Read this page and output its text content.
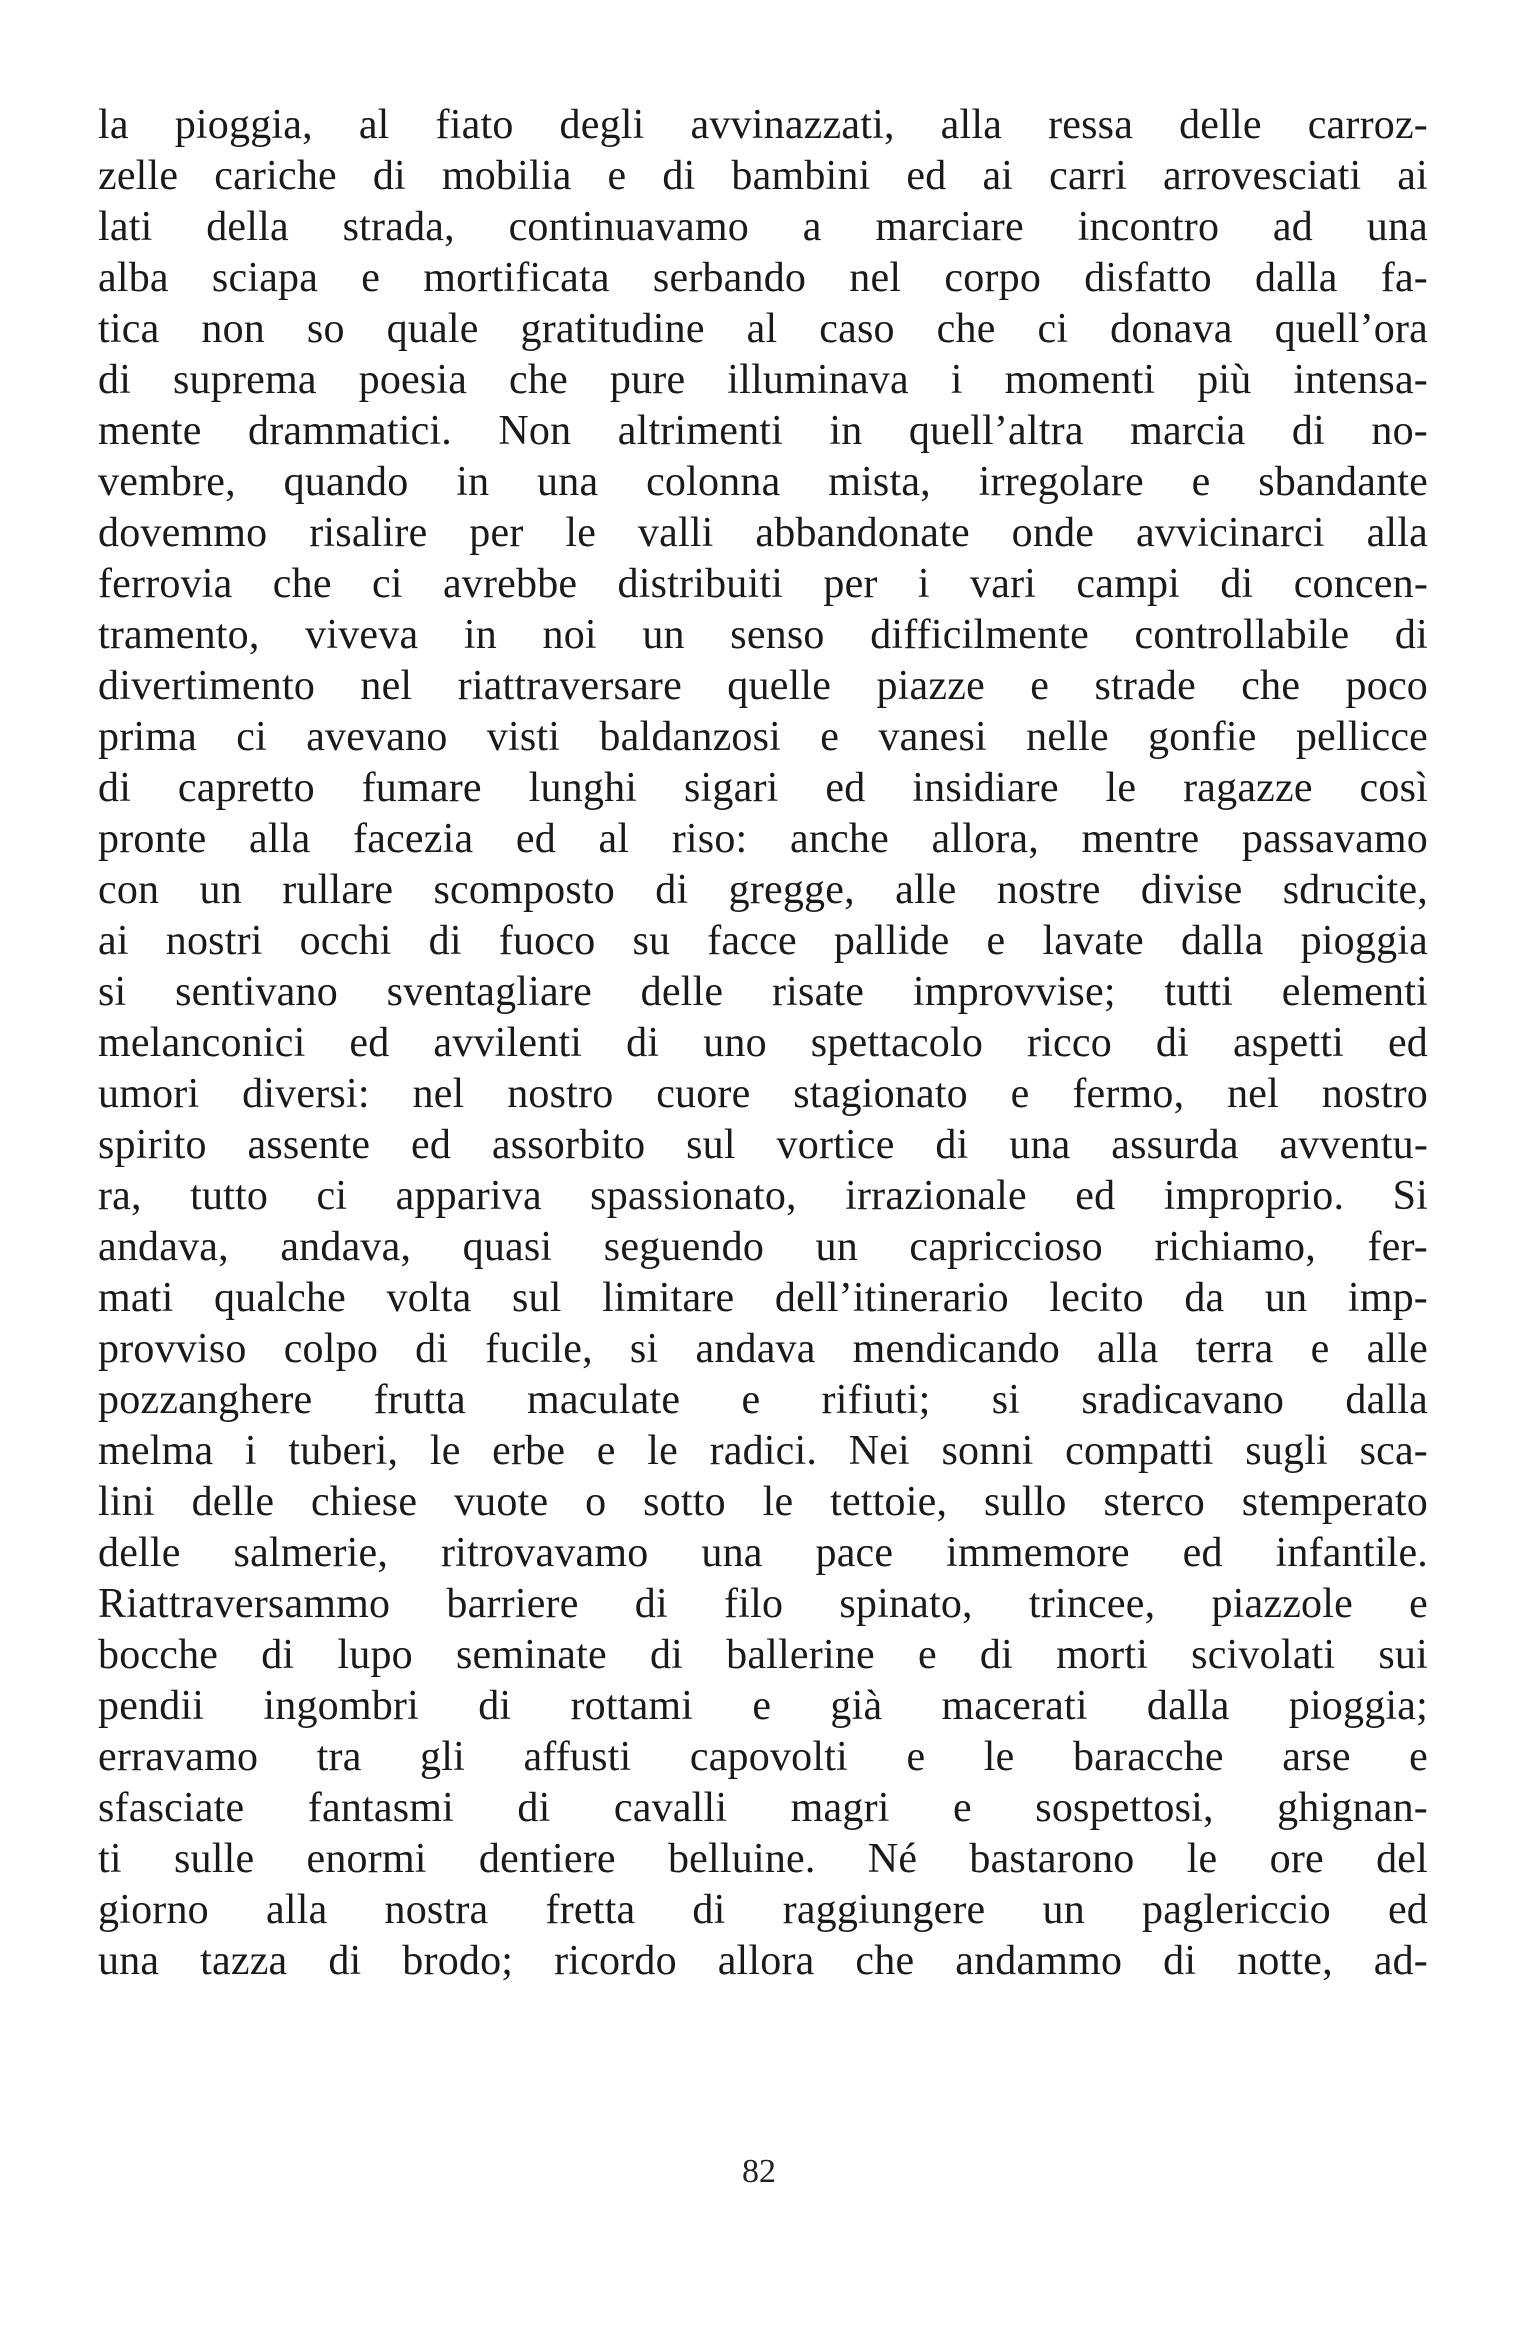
la pioggia, al fiato degli avvinazzati, alla ressa delle carroz-
zelle cariche di mobilia e di bambini ed ai carri arrovesciati ai
lati della strada, continuavamo a marciare incontro ad una
alba sciapa e mortificata serbando nel corpo disfatto dalla fa-
tica non so quale gratitudine al caso che ci donava quell’ora
di suprema poesia che pure illuminava i momenti più intensa-
mente drammatici. Non altrimenti in quell’altra marcia di no-
vembre, quando in una colonna mista, irregolare e sbandante
dovemmo risalire per le valli abbandonate onde avvicinarci alla
ferrovia che ci avrebbe distribuiti per i vari campi di concen-
tramento, viveva in noi un senso difficilmente controllabile di
divertimento nel riattraversare quelle piazze e strade che poco
prima ci avevano visti baldanzosi e vanesi nelle gonfie pellicce
di capretto fumare lunghi sigari ed insidiare le ragazze così
pronte alla facezia ed al riso: anche allora, mentre passavamo
con un rullare scomposto di gregge, alle nostre divise sdrucite,
ai nostri occhi di fuoco su facce pallide e lavate dalla pioggia
si sentivano sventagliare delle risate improvvise; tutti elementi
melanconici ed avvilenti di uno spettacolo ricco di aspetti ed
umori diversi: nel nostro cuore stagionato e fermo, nel nostro
spirito assente ed assorbito sul vortice di una assurda avventu-
ra, tutto ci appariva spassionato, irrazionale ed improprio. Si
andava, andava, quasi seguendo un capriccioso richiamo, fer-
mati qualche volta sul limitare dell’itinerario lecito da un imp-
provviso colpo di fucile, si andava mendicando alla terra e alle
pozzanghere frutta maculate e rifiuti; si sradicavano dalla
melma i tuberi, le erbe e le radici. Nei sonni compatti sugli sca-
lini delle chiese vuote o sotto le tettoie, sullo sterco stemperato
delle salmerie, ritrovavamo una pace immemore ed infantile.
Riattraversammo barriere di filo spinato, trincee, piazzole e
bocche di lupo seminate di ballerine e di morti scivolati sui
pendii ingombri di rottami e già macerati dalla pioggia;
erravamo tra gli affusti capovolti e le baracche arse e
sfasciate fantasmi di cavalli magri e sospettosi, ghignan-
ti sulle enormi dentiere belluine. Né bastarono le ore del
giorno alla nostra fretta di raggiungere un paglericcio ed
una tazza di brodo; ricordo allora che andammo di notte, ad-
82
